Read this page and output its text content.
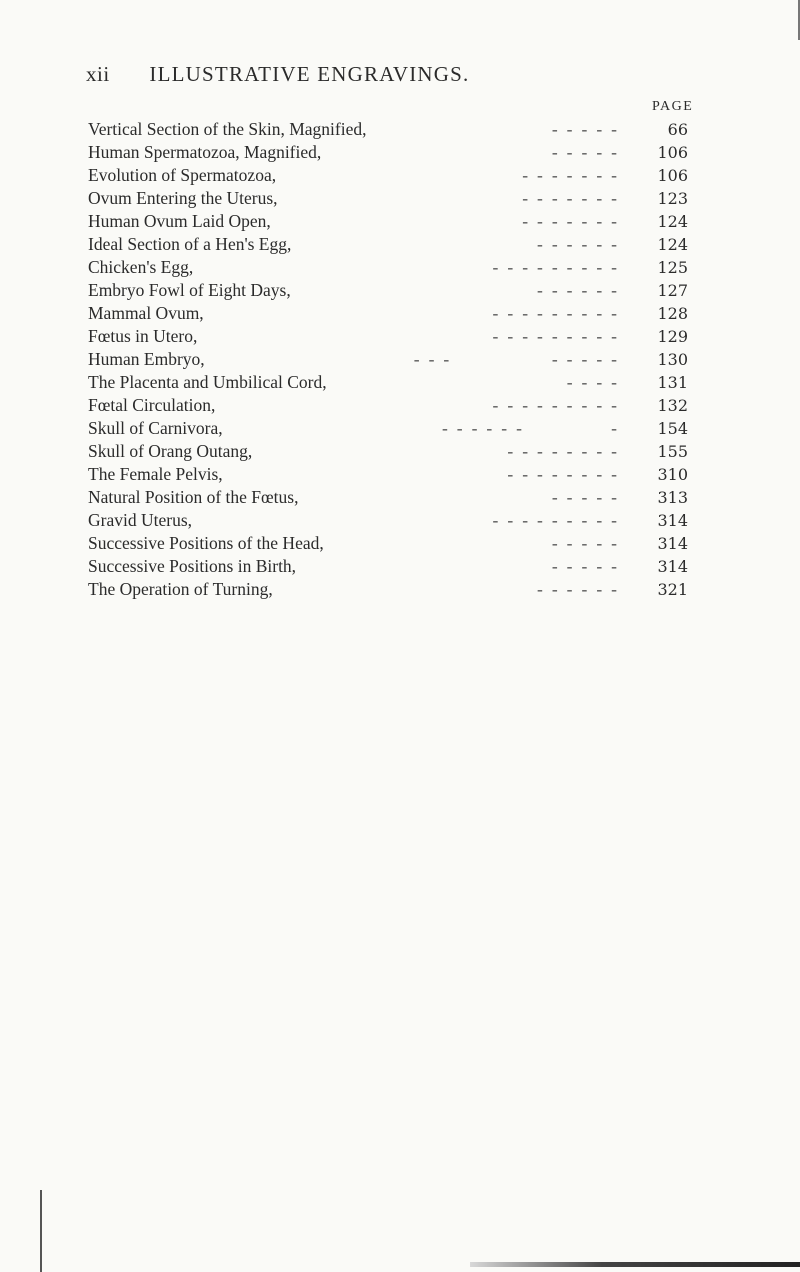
xii ILLUSTRATIVE ENGRAVINGS.
PAGE
Vertical Section of the Skin, Magnified,	-----	66
Human Spermatozoa, Magnified,	-----	106
Evolution of Spermatozoa,	-------	106
Ovum Entering the Uterus,	-------	123
Human Ovum Laid Open,	-------	124
Ideal Section of a Hen's Egg,	------	124
Chicken's Egg,	---------	125
Embryo Fowl of Eight Days,	------	127
Mammal Ovum,	---------	128
Fœtus in Utero,	---------	129
Human Embryo,	---       -----	130
The Placenta and Umbilical Cord,	----	131
Fœtal Circulation,	---------	132
Skull of Carnivora,	------      -	154
Skull of Orang Outang,	--------	155
The Female Pelvis,	--------	310
Natural Position of the Fœtus,	-----	313
Gravid Uterus,	---------	314
Successive Positions of the Head,	-----	314
Successive Positions in Birth,	-----	314
The Operation of Turning,	------	321
